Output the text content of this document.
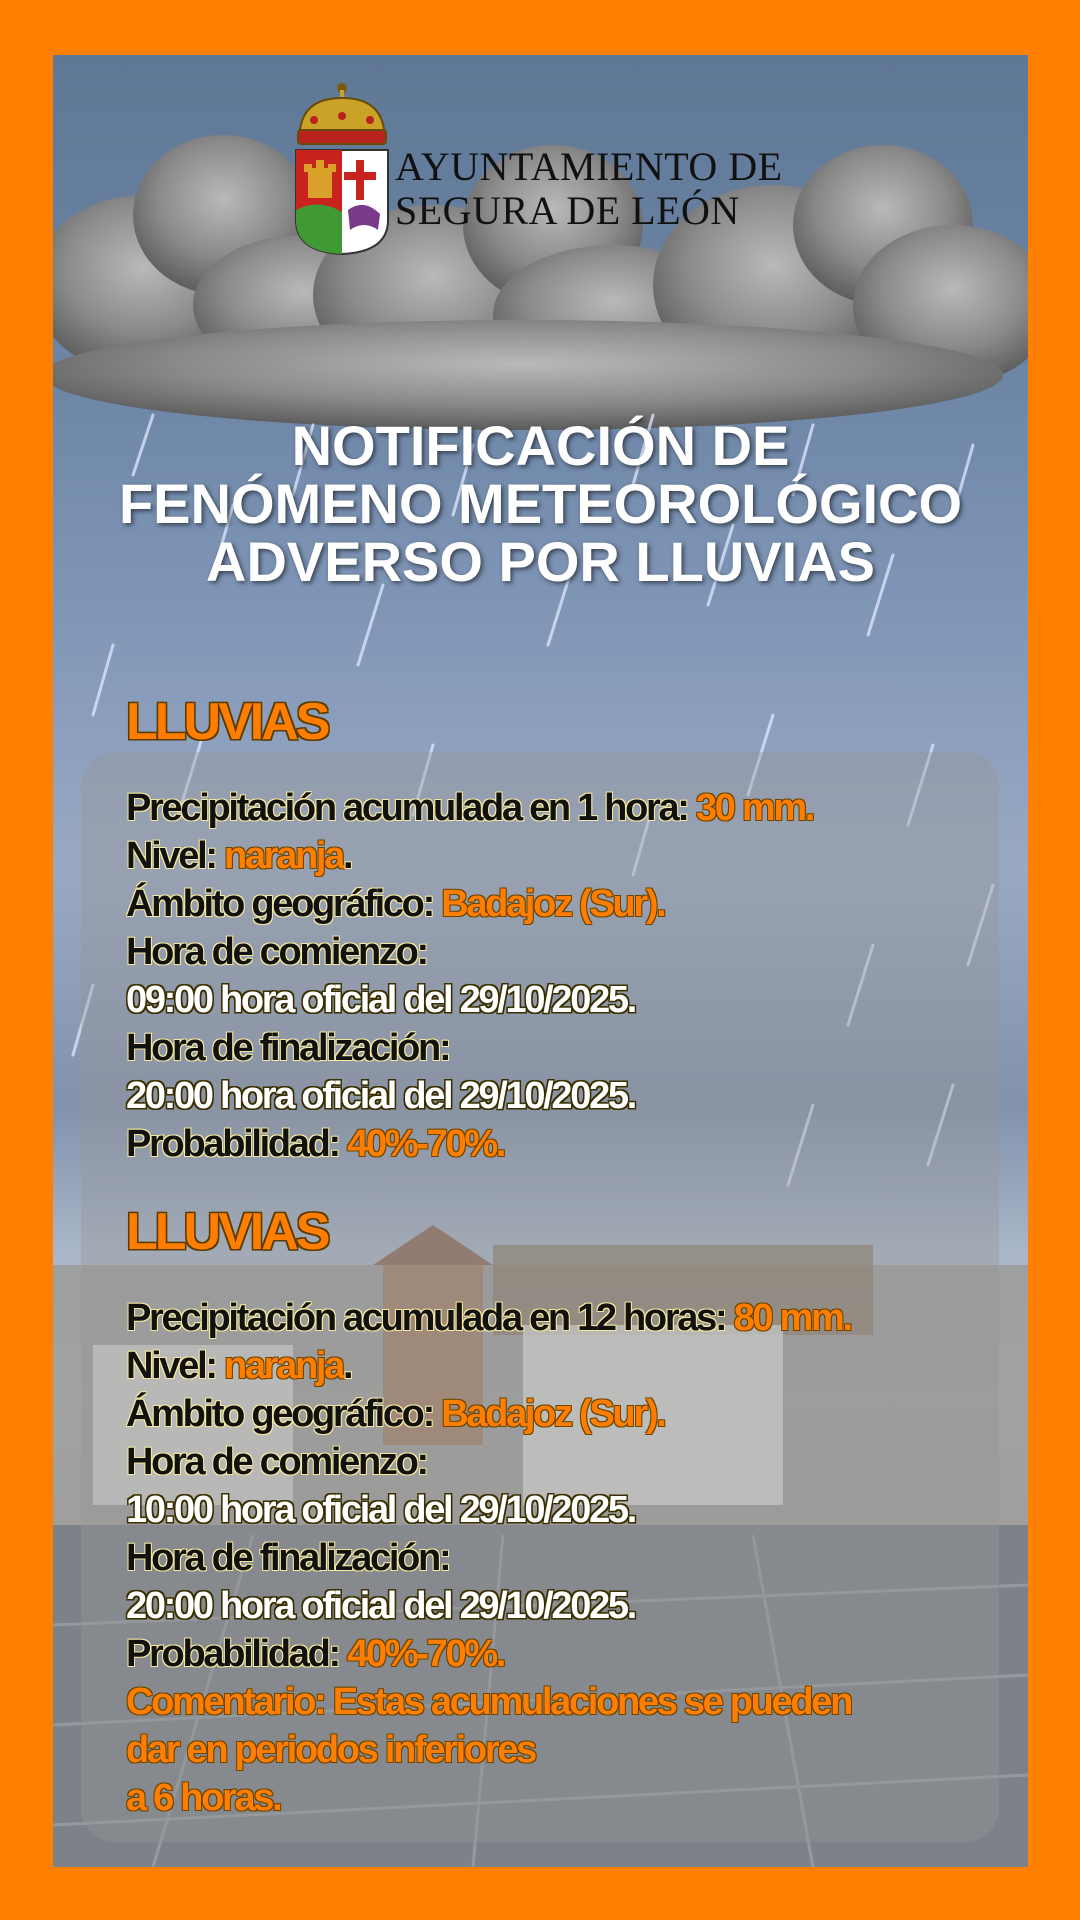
AYUNTAMIENTO DE
SEGURA DE LEÓN
NOTIFICACIÓN DE
FENÓMENO METEOROLÓGICO
ADVERSO POR LLUVIAS
LLUVIAS
Precipitación acumulada en 1 hora: 30 mm.
Nivel: naranja.
Ámbito geográfico: Badajoz (Sur).
Hora de comienzo:
09:00 hora oficial del 29/10/2025.
Hora de finalización:
20:00 hora oficial del 29/10/2025.
Probabilidad: 40%-70%.
LLUVIAS
Precipitación acumulada en 12 horas: 80 mm.
Nivel: naranja.
Ámbito geográfico: Badajoz (Sur).
Hora de comienzo:
10:00 hora oficial del 29/10/2025.
Hora de finalización:
20:00 hora oficial del 29/10/2025.
Probabilidad: 40%-70%.
Comentario: Estas acumulaciones se pueden
dar en periodos inferiores
a 6 horas.
